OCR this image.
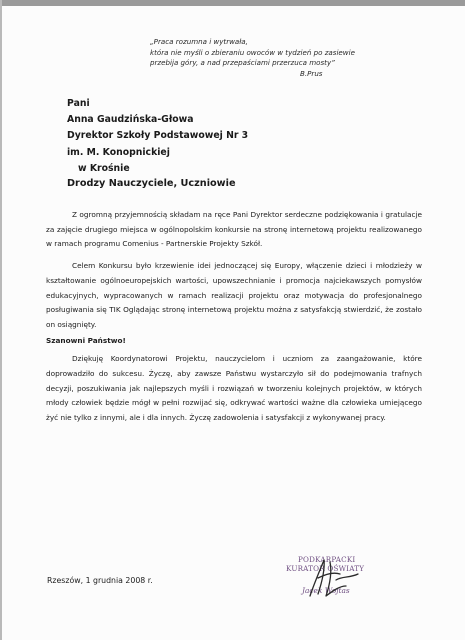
„Praca rozumna i wytrwała,
która nie myśli o zbieraniu owoców w tydzień po zasiewie
przebija góry, a nad przepaściami przerzuca mosty”
B.Prus
Pani
Anna Gaudzińska-Głowa
Dyrektor Szkoły Podstawowej Nr 3
im. M. Konopnickiej
w Krośnie
Drodzy Nauczyciele, Uczniowie

Z ogromną przyjemnością składam na ręce Pani Dyrektor serdeczne podziękowania i gratulacje za zajęcie drugiego miejsca w ogólnopolskim konkursie na stronę internetową projektu realizowanego w ramach programu Comenius - Partnerskie Projekty Szkół.

Celem Konkursu było krzewienie idei jednoczącej się Europy, włączenie dzieci i młodzieży w kształtowanie ogólnoeuropejskich wartości, upowszechnianie i promocja najciekawszych pomysłów edukacyjnych, wypracowanych w ramach realizacji projektu oraz motywacja do profesjonalnego posługiwania się TIK Oglądając stronę internetową projektu można z satysfakcją stwierdzić, że zostało on osiągnięty.

Szanowni Państwo!

Dziękuję Koordynatorowi Projektu, nauczycielom i uczniom za zaangażowanie, które doprowadziło do sukcesu. Życzę, aby zawsze Państwu wystarczyło sił do podejmowania trafnych decyzji, poszukiwania jak najlepszych myśli i rozwiązań w tworzeniu kolejnych projektów, w których młody człowiek będzie mógł w pełni rozwijać się, odkrywać wartości ważne dla człowieka umiejącego żyć nie tylko z innymi, ale i dla innych. Życzę zadowolenia i satysfakcji z wykonywanej pracy.

Rzeszów, 1 grudnia 2008 r.
PODKARPACKI
KURATOR OŚWIATY
Jacek Wojtas
